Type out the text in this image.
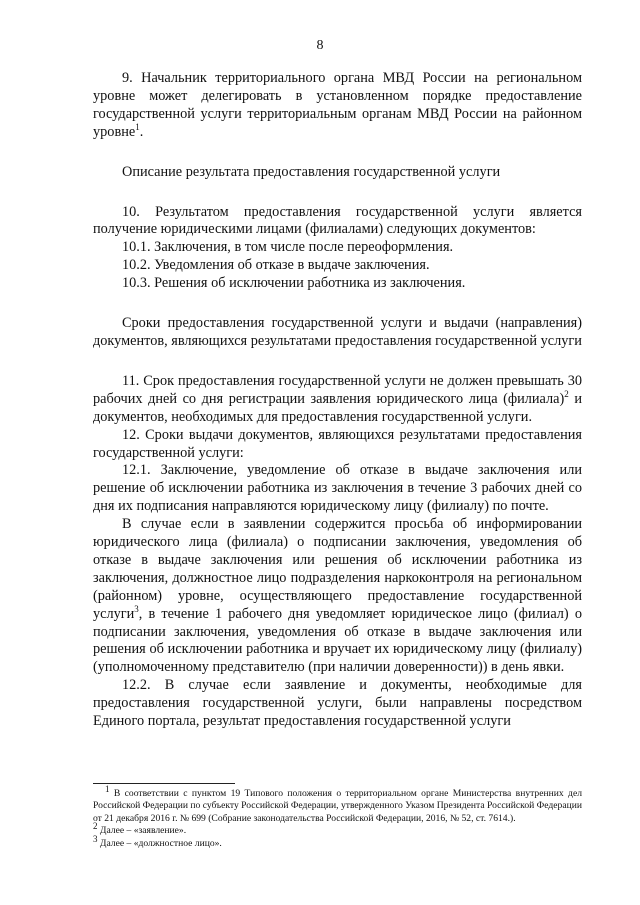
8

9. Начальник территориального органа МВД России на региональном уровне может делегировать в установленном порядке предоставление государственной услуги территориальным органам МВД России на районном уровне$^1$.

Описание результата предоставления государственной услуги

10. Результатом предоставления государственной услуги является получение юридическими лицами (филиалами) следующих документов:

10.1. Заключения, в том числе после переоформления.

10.2. Уведомления об отказе в выдаче заключения.

10.3. Решения об исключении работника из заключения.

Сроки предоставления государственной услуги и выдачи (направления) документов, являющихся результатами предоставления государственной услуги

11. Срок предоставления государственной услуги не должен превышать 30 рабочих дней со дня регистрации заявления юридического лица (филиала)$^2$ и документов, необходимых для предоставления государственной услуги.

12. Сроки выдачи документов, являющихся результатами предоставления государственной услуги:

12.1. Заключение, уведомление об отказе в выдаче заключения или решение об исключении работника из заключения в течение 3 рабочих дней со дня их подписания направляются юридическому лицу (филиалу) по почте.

В случае если в заявлении содержится просьба об информировании юридического лица (филиала) о подписании заключения, уведомления об отказе в выдаче заключения или решения об исключении работника из заключения, должностное лицо подразделения наркоконтроля на региональном (районном) уровне, осуществляющего предоставление государственной услуги$^3$, в течение 1 рабочего дня уведомляет юридическое лицо (филиал) о подписании заключения, уведомления об отказе в выдаче заключения или решения об исключении работника и вручает их юридическому лицу (филиалу) (уполномоченному представителю (при наличии доверенности)) в день явки.

12.2. В случае если заявление и документы, необходимые для предоставления государственной услуги, были направлены посредством Единого портала, результат предоставления государственной услуги

$^1$ В соответствии с пунктом 19 Типового положения о территориальном органе Министерства внутренних дел Российской Федерации по субъекту Российской Федерации, утвержденного Указом Президента Российской Федерации от 21 декабря 2016 г. № 699 (Собрание законодательства Российской Федерации, 2016, № 52, ст. 7614.).

$^2$ Далее – «заявление».

$^3$ Далее – «должностное лицо».
